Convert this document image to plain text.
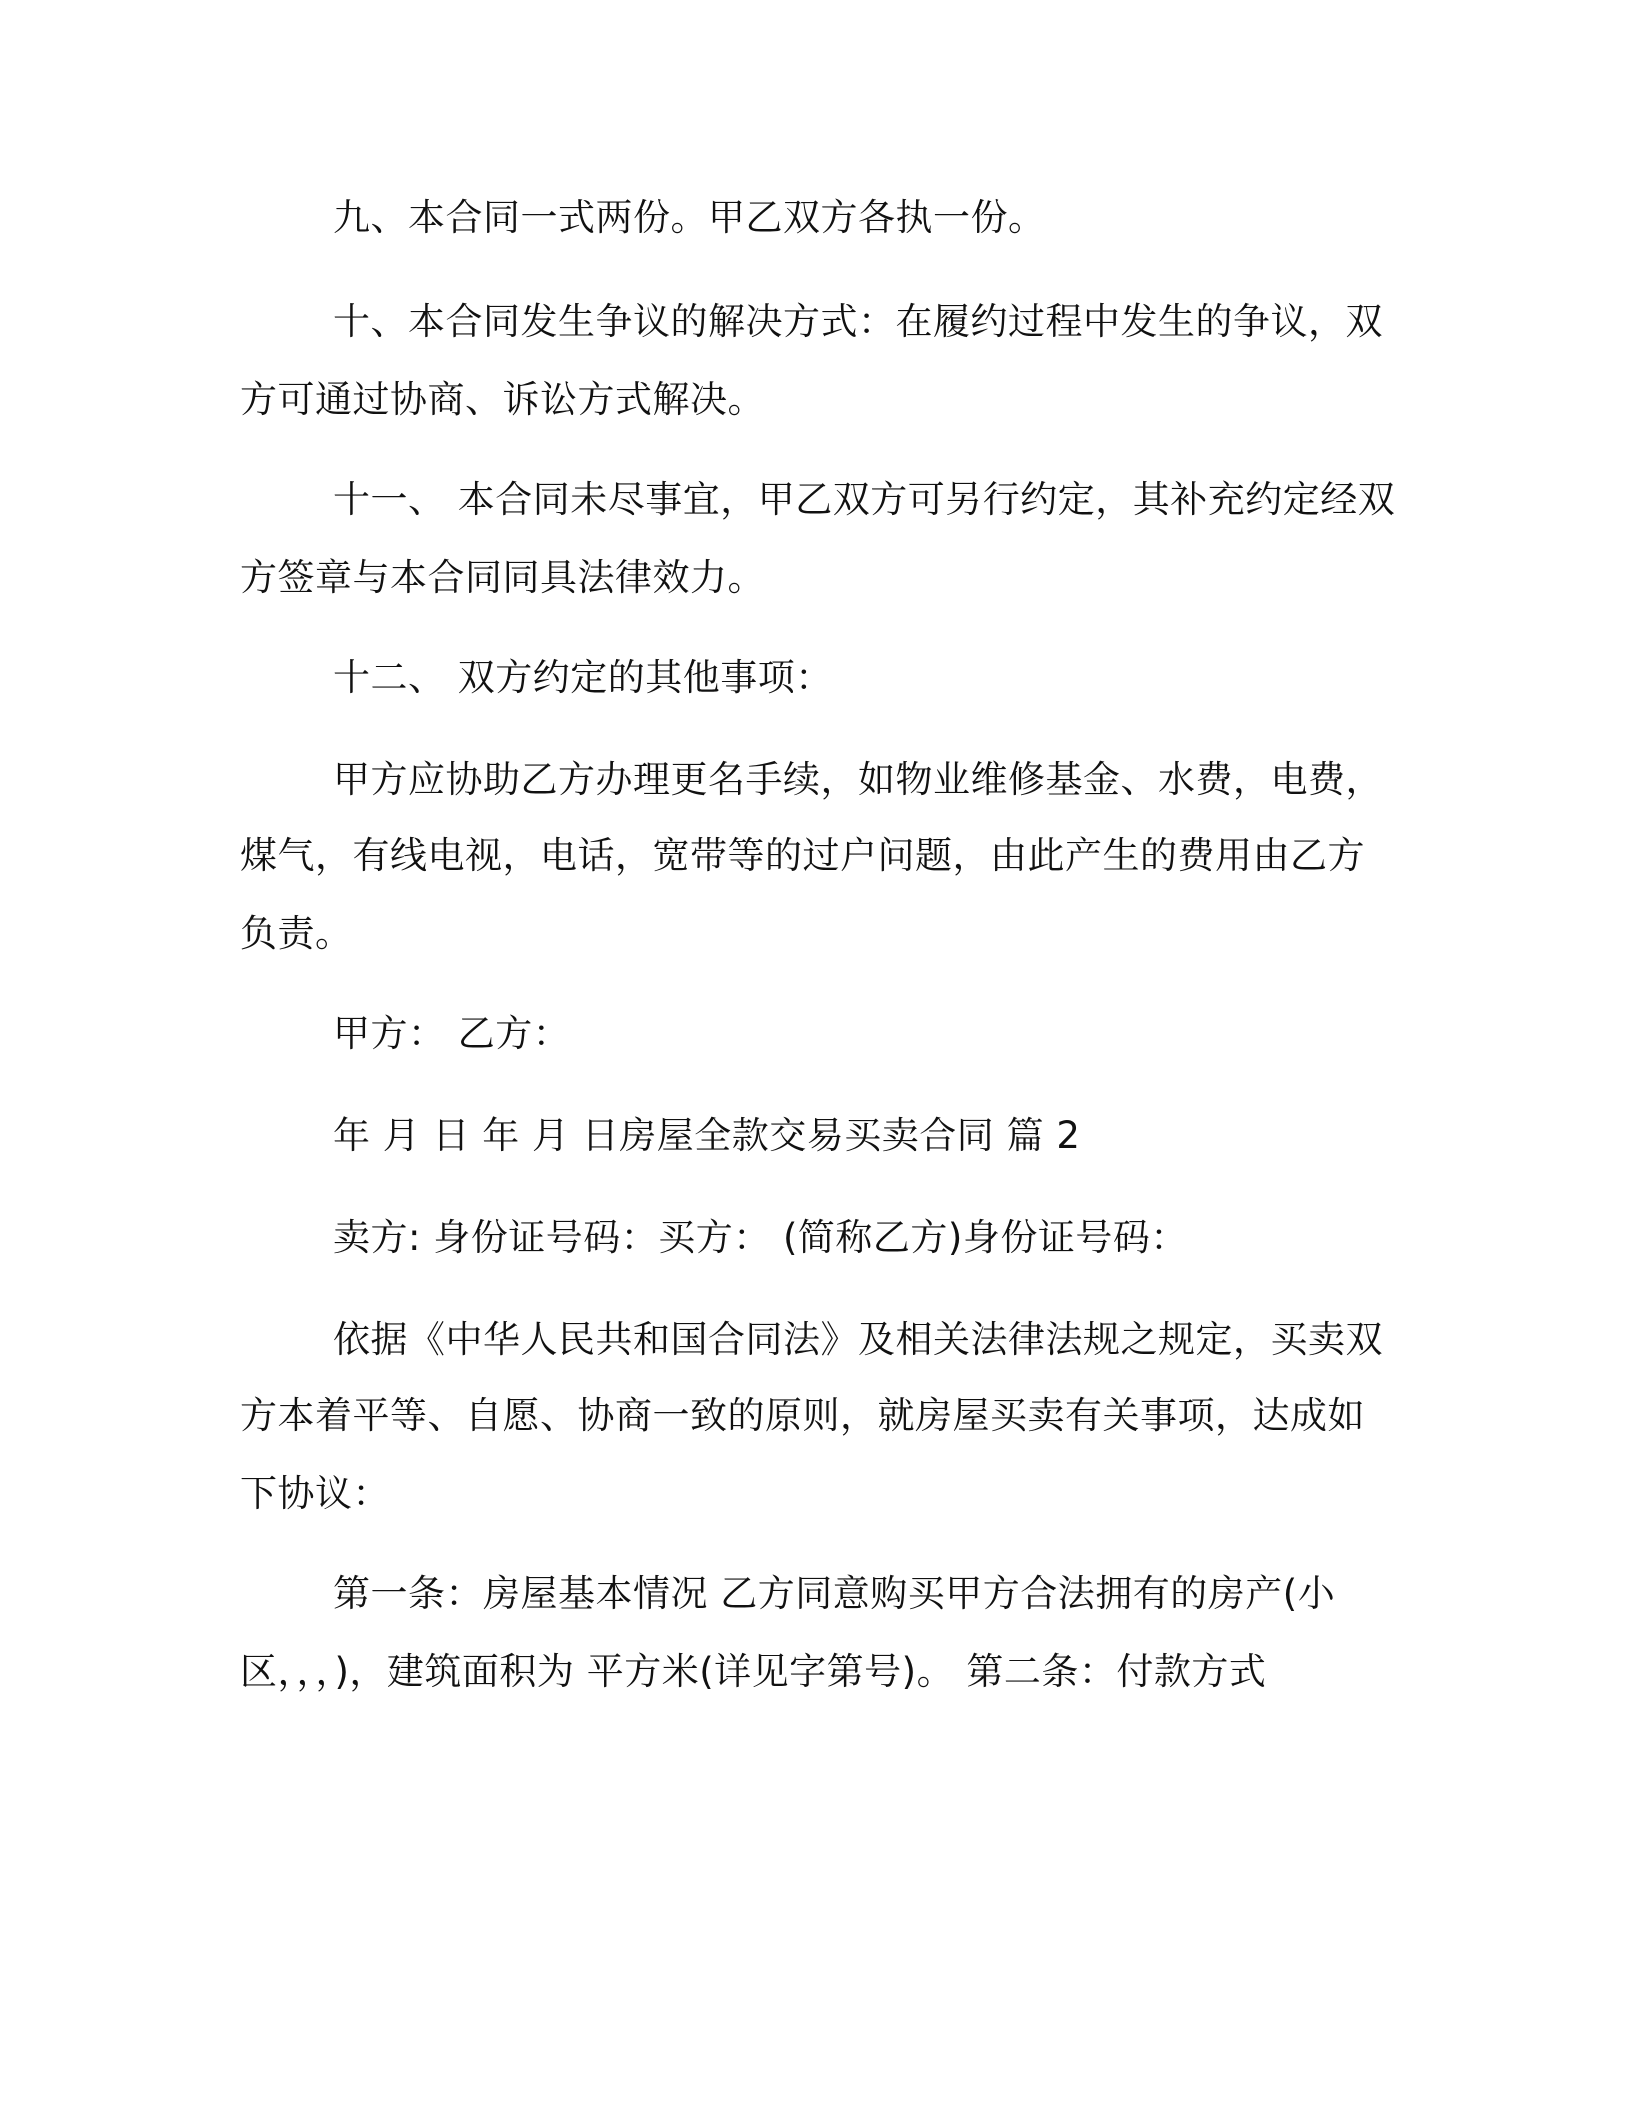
九、本合同一式两份。甲乙双方各执一份。
十、本合同发生争议的解决方式：在履约过程中发生的争议，双
方可通过协商、诉讼方式解决。
十一、 本合同未尽事宜，甲乙双方可另行约定，其补充约定经双
方签章与本合同同具法律效力。
十二、 双方约定的其他事项：
甲方应协助乙方办理更名手续，如物业维修基金、水费，电费，
煤气，有线电视，电话，宽带等的过户问题，由此产生的费用由乙方
负责。
甲方： 乙方：
年 月 日 年 月 日房屋全款交易买卖合同 篇 2
卖方: 身份证号码：买方： (简称乙方)身份证号码：
依据《中华人民共和国合同法》及相关法律法规之规定，买卖双
方本着平等、自愿、协商一致的原则，就房屋买卖有关事项，达成如
下协议：
第一条：房屋基本情况 乙方同意购买甲方合法拥有的房产(小
区，，，)，建筑面积为 平方米(详见字第号)。 第二条：付款方式
